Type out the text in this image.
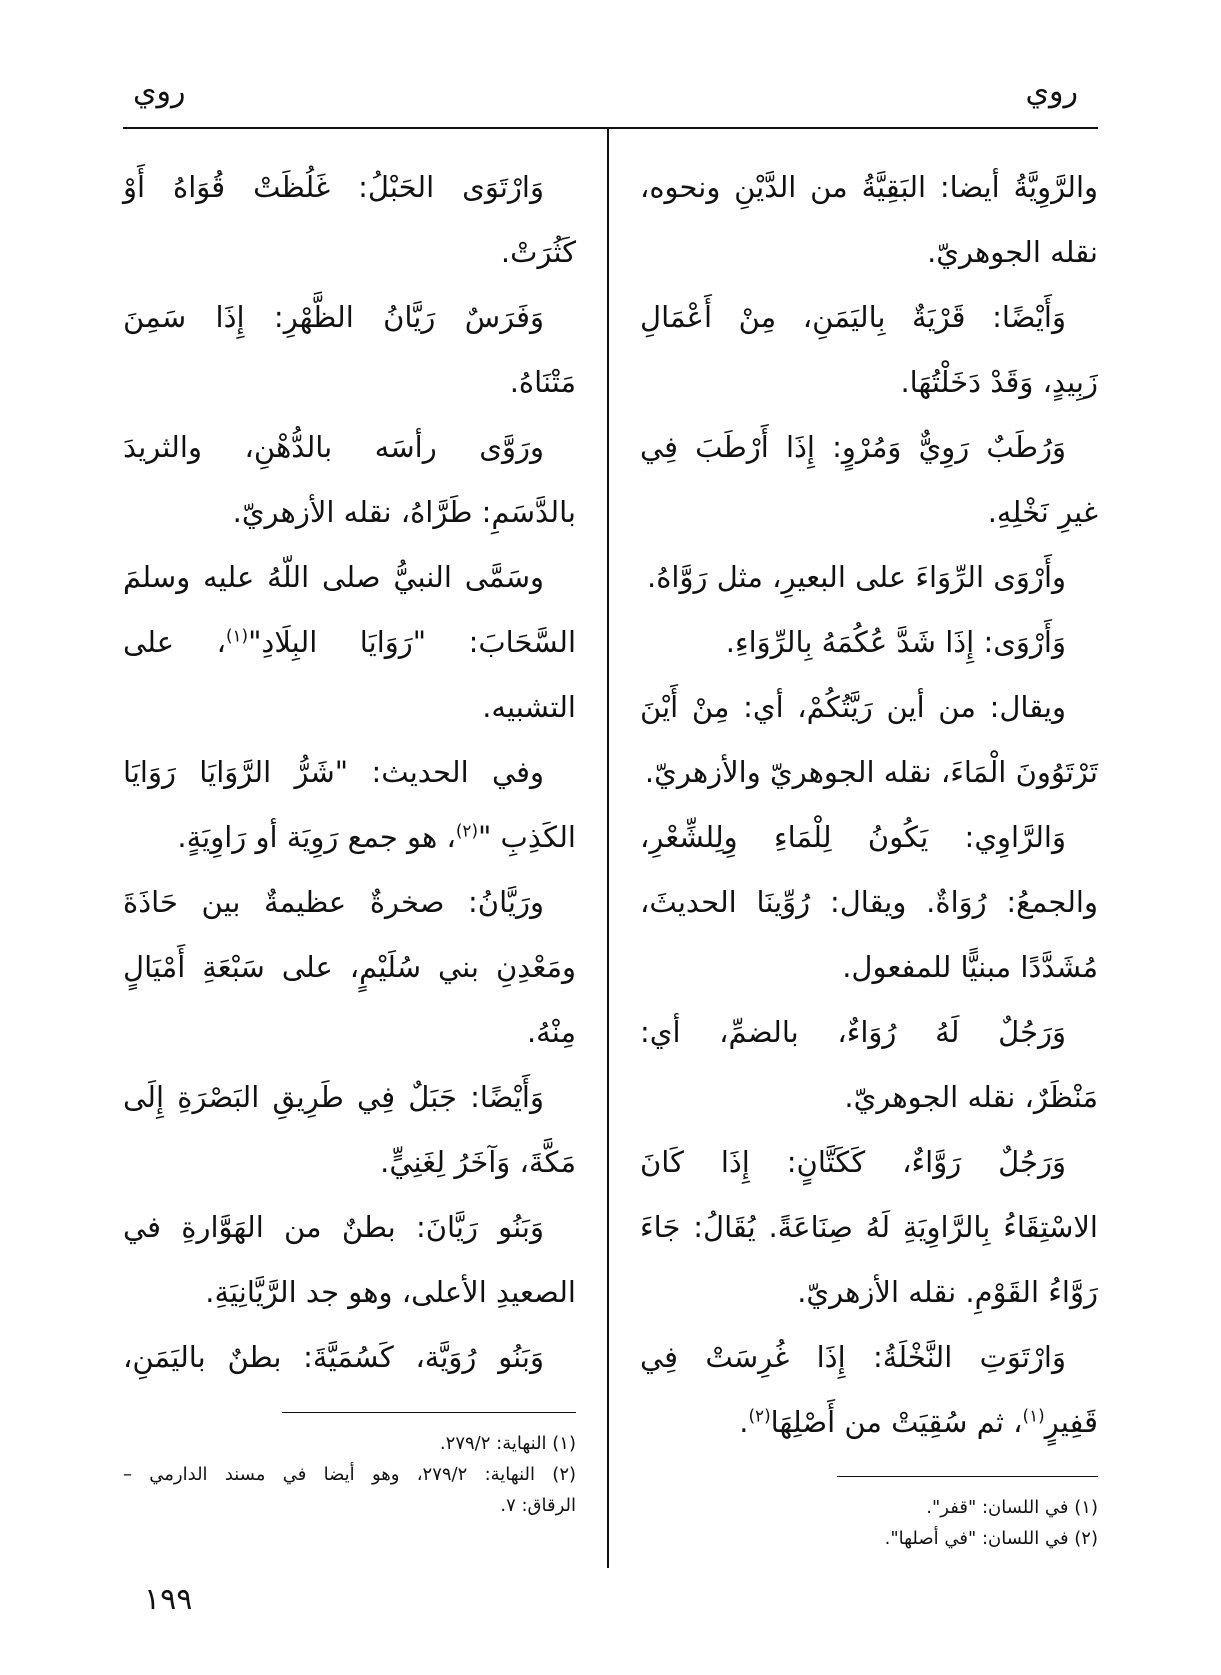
روي
روي
والرَّوِيَّةُ أيضا: البَقِيَّةُ من الدَّيْنِ ونحوه،
نقله الجوهريّ.
وَأَيْضًا: قَرْيَةٌ بِاليَمَنِ، مِنْ أَعْمَالِ
زَبِيدٍ، وَقَدْ دَخَلْتُهَا.
وَرُطَبٌ رَوِيٌّ وَمُرْوٍ: إِذَا أَرْطَبَ فِي
غيرِ نَخْلِهِ.
وأَرْوَى الرِّوَاءَ على البعيرِ، مثل رَوَّاهُ.
وَأَرْوَى: إِذَا شَدَّ عُكُمَهُ بِالرِّوَاءِ.
ويقال: من أين رَيَّتُكُمْ، أي: مِنْ أَيْنَ
تَرْتَوُونَ الْمَاءَ، نقله الجوهريّ والأزهريّ.
وَالرَّاوِي: يَكُونُ لِلْمَاءِ وِلِلشِّعْرِ،
والجمعُ: رُوَاةٌ. ويقال: رُوِّينَا الحديثَ،
مُشَدَّدًا مبنيًّا للمفعول.
وَرَجُلٌ لَهُ رُوَاءٌ، بالضمِّ، أي:
مَنْظَرٌ، نقله الجوهريّ.
وَرَجُلٌ رَوَّاءٌ، كَكَتَّانٍ: إِذَا كَانَ
الاسْتِقَاءُ بِالرَّاوِيَةِ لَهُ صِنَاعَةً. يُقَالُ: جَاءَ
رَوَّاءُ القَوْمِ. نقله الأزهريّ.
وَارْتَوَتِ النَّخْلَةُ: إِذَا غُرِسَتْ فِي
قَفِيرٍ$^{(١)}$، ثم سُقِيَتْ من أَصْلِهَا$^{(٢)}$.
وَارْتَوَى الحَبْلُ: غَلُظَتْ قُوَاهُ أَوْ
كَثُرَتْ.
وَفَرَسٌ رَيَّانُ الظَّهْرِ: إِذَا سَمِنَ
مَتْنَاهُ.
ورَوَّى رأسَه بالدُّهْنِ، والثريدَ
بالدَّسَمِ: طَرَّاهُ، نقله الأزهريّ.
وسَمَّى النبيُّ صلى اللّهُ عليه وسلمَ
السَّحَابَ: "رَوَايَا البِلَادِ"$^{(١)}$، على
التشبيه.
وفي الحديث: "شَرُّ الرَّوَايَا رَوَايَا
الكَذِبِ "$^{(٢)}$، هو جمع رَوِيَة أو رَاوِيَةٍ.
ورَيَّانُ: صخرةٌ عظيمةٌ بين حَاذَةَ
ومَعْدِنِ بني سُلَيْمٍ، على سَبْعَةِ أَمْيَالٍ
مِنْهُ.
وَأَيْضًا: جَبَلٌ فِي طَرِيقِ البَصْرَةِ إِلَى
مَكَّةَ، وَآخَرُ لِغَنِيٍّ.
وَبَنُو رَيَّانَ: بطنٌ من الهَوَّارةِ في
الصعيدِ الأعلى، وهو جد الرَّيَّانِيَةِ.
وَبَنُو رُوَيَّة، كَسُمَيَّةَ: بطنٌ باليَمَنِ،
(١) في اللسان: "قفر".
(٢) في اللسان: "في أصلها".
(١) النهاية: ٢٧٩/٢.
(٢) النهاية: ٢٧٩/٢، وهو أيضا في مسند الدارمي –
الرقاق: ٧.
١٩٩
